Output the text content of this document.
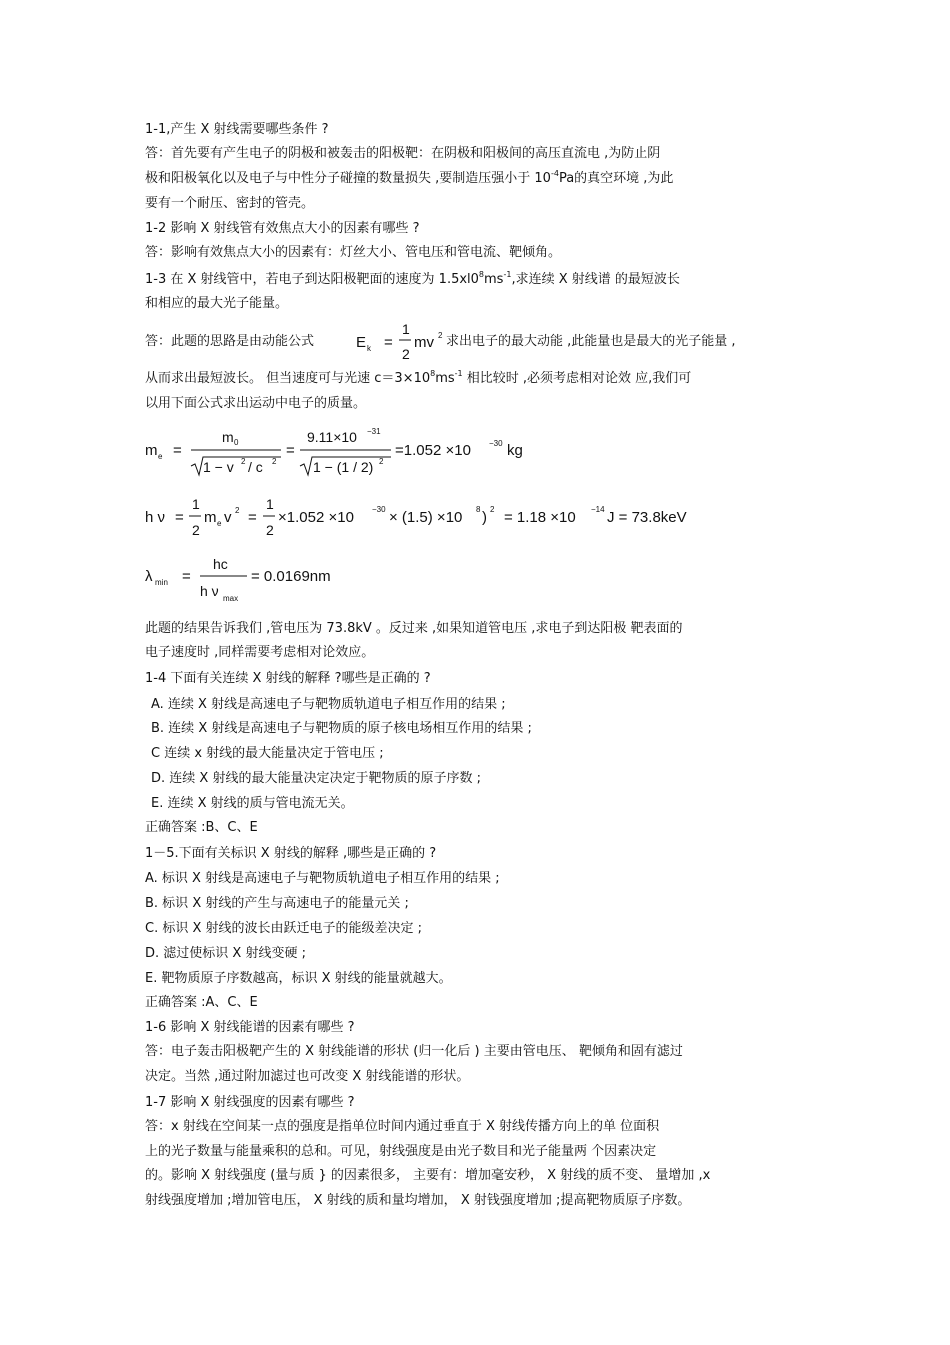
1-1,产生 X 射线需要哪些条件 ?
答：首先要有产生电子的阴极和被轰击的阳极靶：在阴极和阳极间的高压直流电 ,为防止阴
极和阳极氧化以及电子与中性分子碰撞的数量损失 ,要制造压强小于 $10^{-4}Pa$的真空环境 ,为此
要有一个耐压、密封的管壳。
1-2 影响 X 射线管有效焦点大小的因素有哪些 ?
答：影响有效焦点大小的因素有：灯丝大小、管电压和管电流、靶倾角。
1-3 在 X 射线管中，若电子到达阳极靶面的速度为 $1.5xl0^8ms^{-1}$,求连续 X 射线谱 的最短波长
和相应的最大光子能量。
答：此题的思路是由动能公式	E k =
1
2
mv 2 求出电子的最大动能 ,此能量也是最大的光子能量 ,
从而求出最短波长。 但当速度可与光速 $c=3\times 10^8ms^{-1}$ 相比较时 ,必须考虑相对论效 应,我们可
以用下面公式求出运动中电子的质量。
m e =
m 0
1 − v 2 / c 2
=
9.11×10 −31
1 − (1 / 2) 2
=1.052 ×10 −30 kg
h ν =
1
2
m e v 2 =
1
2
×1.052 ×10 −30 × (1.5) ×10 8 ) 2 = 1.18 ×10 −14 J = 73.8keV
λ min =
hc
h ν max
= 0.0169nm
此题的结果告诉我们 ,管电压为 73.8kV 。反过来 ,如果知道管电压 ,求电子到达阳极 靶表面的
电子速度时 ,同样需要考虑相对论效应。
1-4 下面有关连续 X 射线的解释 ?哪些是正确的 ?
A. 连续 X 射线是高速电子与靶物质轨道电子相互作用的结果 ;
B. 连续 X 射线是高速电子与靶物质的原子核电场相互作用的结果 ;
C 连续 x 射线的最大能量决定于管电压 ;
D. 连续 X 射线的最大能量决定决定于靶物质的原子序数 ;
E. 连续 X 射线的质与管电流无关。
正确答案 :B、C、E
1－5.下面有关标识 X 射线的解释 ,哪些是正确的 ?
A. 标识 X 射线是高速电子与靶物质轨道电子相互作用的结果 ;
B. 标识 X 射线的产生与高速电子的能量元关 ;
C. 标识 X 射线的波长由跃迁电子的能级差决定 ;
D. 滤过使标识 X 射线变硬 ;
E. 靶物质原子序数越高，标识 X 射线的能量就越大。
正确答案 :A、C、E
1-6 影响 X 射线能谱的因素有哪些 ?
答：电子轰击阳极靶产生的 X 射线能谱的形状 (归一化后 ) 主要由管电压、 靶倾角和固有滤过
决定。当然 ,通过附加滤过也可改变 X 射线能谱的形状。
1-7 影响 X 射线强度的因素有哪些 ?
答：x 射线在空间某一点的强度是指单位时间内通过垂直于 X 射线传播方向上的单 位面积
上的光子数量与能量乘积的总和。可见，射线强度是由光子数目和光子能量两 个因素决定
的。影响 X 射线强度 (量与质 } 的因素很多， 主要有：增加毫安秒， X 射线的质不变、 量增加 ,x
射线强度增加 ;增加管电压， X 射线的质和量均增加， X 射钱强度增加 ;提高靶物质原子序数。
